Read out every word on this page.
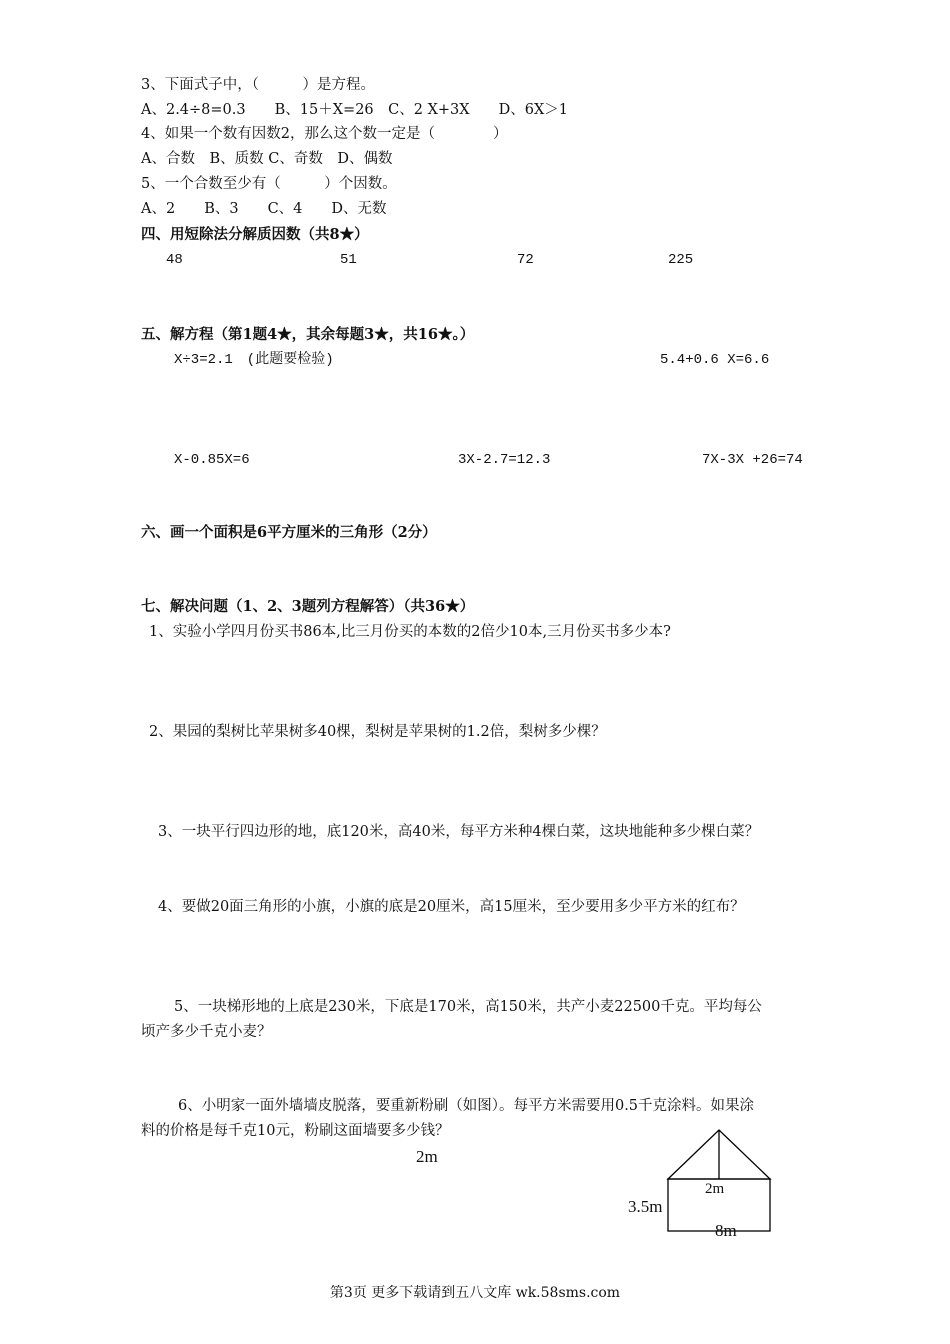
3、下面式子中，（　　　）是方程。
A、2.4÷8=0.3　　B、15＋X=26　C、2 X+3X　　D、6X＞1
4、如果一个数有因数2，那么这个数一定是（　　　　）
A、合数　B、质数 C、奇数　D、偶数
5、一个合数至少有（　　　）个因数。
A、2　　B、3　　C、4　　D、无数
四、用短除法分解质因数（共8★）
48	51	72	225
五、解方程（第1题4★，其余每题3★，共16★。）
X÷3=2.1　(此题要检验)	5.4+0.6 X=6.6
X-0.85X=6	3X-2.7=12.3	7X-3X +26=74
六、画一个面积是6平方厘米的三角形（2分）
七、解决问题（1、2、3题列方程解答）（共36★）
1、实验小学四月份买书86本,比三月份买的本数的2倍少10本,三月份买书多少本?
2、果园的梨树比苹果树多40棵，梨树是苹果树的1.2倍，梨树多少棵？
3、一块平行四边形的地，底120米，高40米，每平方米种4棵白菜，这块地能种多少棵白菜？
4、要做20面三角形的小旗，小旗的底是20厘米，高15厘米，至少要用多少平方米的红布？
5、一块梯形地的上底是230米，下底是170米，高150米，共产小麦22500千克。平均每公
顷产多少千克小麦？
6、小明家一面外墙墙皮脱落，要重新粉刷（如图）。每平方米需要用0.5千克涂料。如果涂
料的价格是每千克10元，粉刷这面墙要多少钱？
2m
2m
3.5m
8m
第3页 更多下载请到五八文库 wk.58sms.com
